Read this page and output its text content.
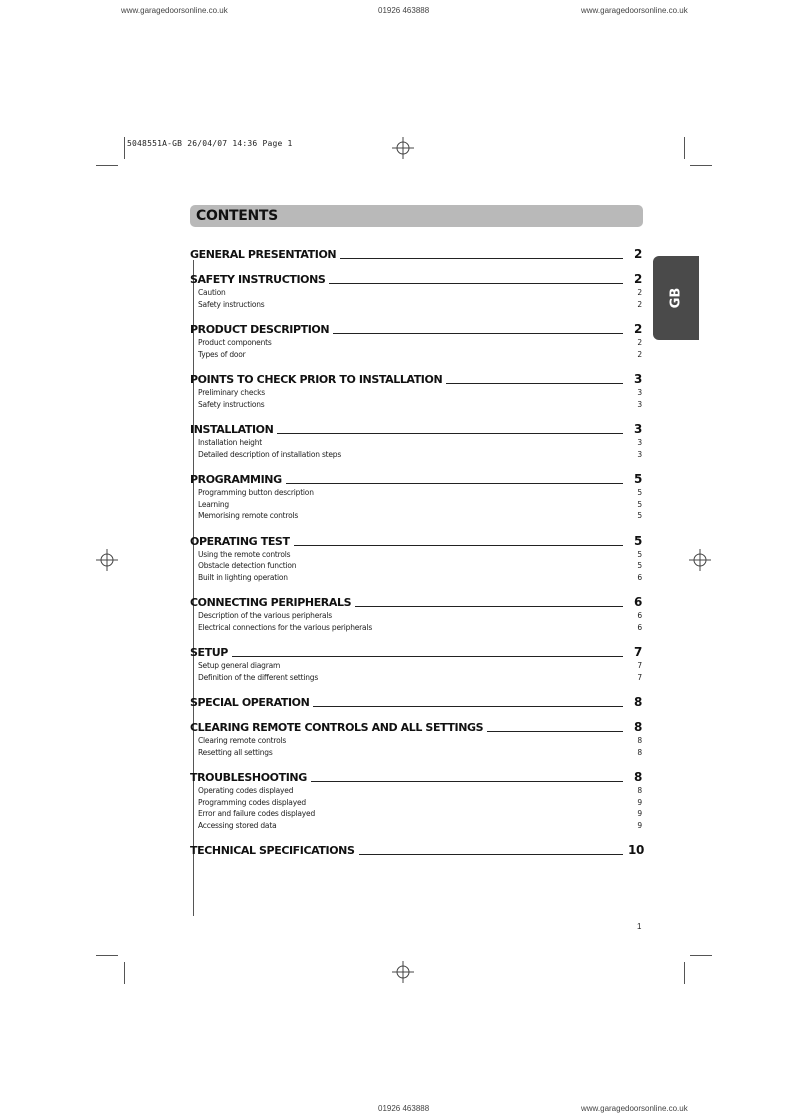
www.garagedoorsonline.co.uk	01926 463888	www.garagedoorsonline.co.uk
5048551A-GB 26/04/07 14:36 Page 1
CONTENTS
GB
GENERAL PRESENTATION	2
SAFETY INSTRUCTIONS	2
Caution	2
Safety instructions	2
PRODUCT DESCRIPTION	2
Product components	2
Types of door	2
POINTS TO CHECK PRIOR TO INSTALLATION	3
Preliminary checks	3
Safety instructions	3
INSTALLATION	3
Installation height	3
Detailed description of installation steps	3
PROGRAMMING	5
Programming button description	5
Learning	5
Memorising remote controls	5
OPERATING TEST	5
Using the remote controls	5
Obstacle detection function	5
Built in lighting operation	6
CONNECTING PERIPHERALS	6
Description of the various peripherals	6
Electrical connections for the various peripherals	6
SETUP	7
Setup general diagram	7
Definition of the different settings	7
SPECIAL OPERATION	8
CLEARING REMOTE CONTROLS AND ALL SETTINGS	8
Clearing remote controls	8
Resetting all settings	8
TROUBLESHOOTING	8
Operating codes displayed	8
Programming codes displayed	9
Error and failure codes displayed	9
Accessing stored data	9
TECHNICAL SPECIFICATIONS	10
1
01926 463888	www.garagedoorsonline.co.uk
